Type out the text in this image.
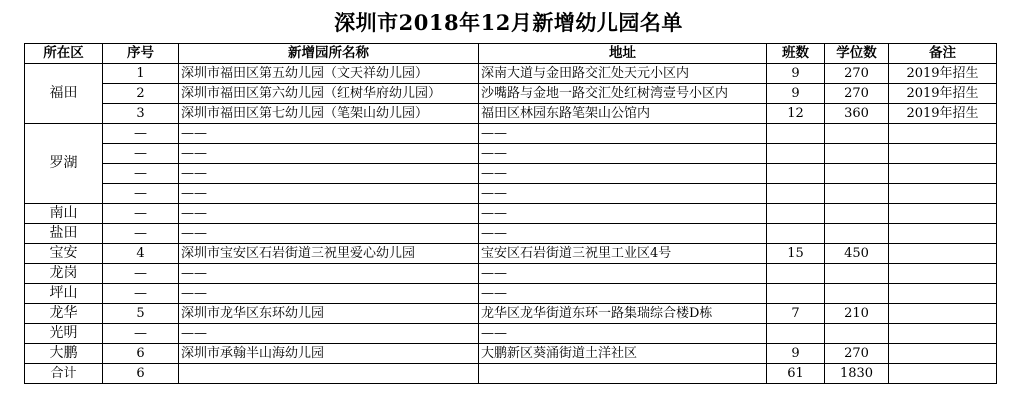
深圳市2018年12月新增幼儿园名单
所在区	序号	新增园所名称	地址	班数	学位数	备注
福田	1	深圳市福田区第五幼儿园（文天祥幼儿园）	深南大道与金田路交汇处天元小区内	9	270	2019年招生
	2	深圳市福田区第六幼儿园（红树华府幼儿园）	沙嘴路与金地一路交汇处红树湾壹号小区内	9	270	2019年招生
	3	深圳市福田区第七幼儿园（笔架山幼儿园）	福田区林园东路笔架山公馆内	12	360	2019年招生
罗湖	—	——	——			
	—	——	——			
	—	——	——			
	—	——	——			
南山	—	——	——			
盐田	—	——	——			
宝安	4	深圳市宝安区石岩街道三祝里爱心幼儿园	宝安区石岩街道三祝里工业区4号	15	450	
龙岗	—	——	——			
坪山	—	——	——			
龙华	5	深圳市龙华区东环幼儿园	龙华区龙华街道东环一路集瑞综合楼D栋	7	210	
光明	—	——	——			
大鹏	6	深圳市承翰半山海幼儿园	大鹏新区葵涌街道土洋社区	9	270	
合计	6			61	1830	
